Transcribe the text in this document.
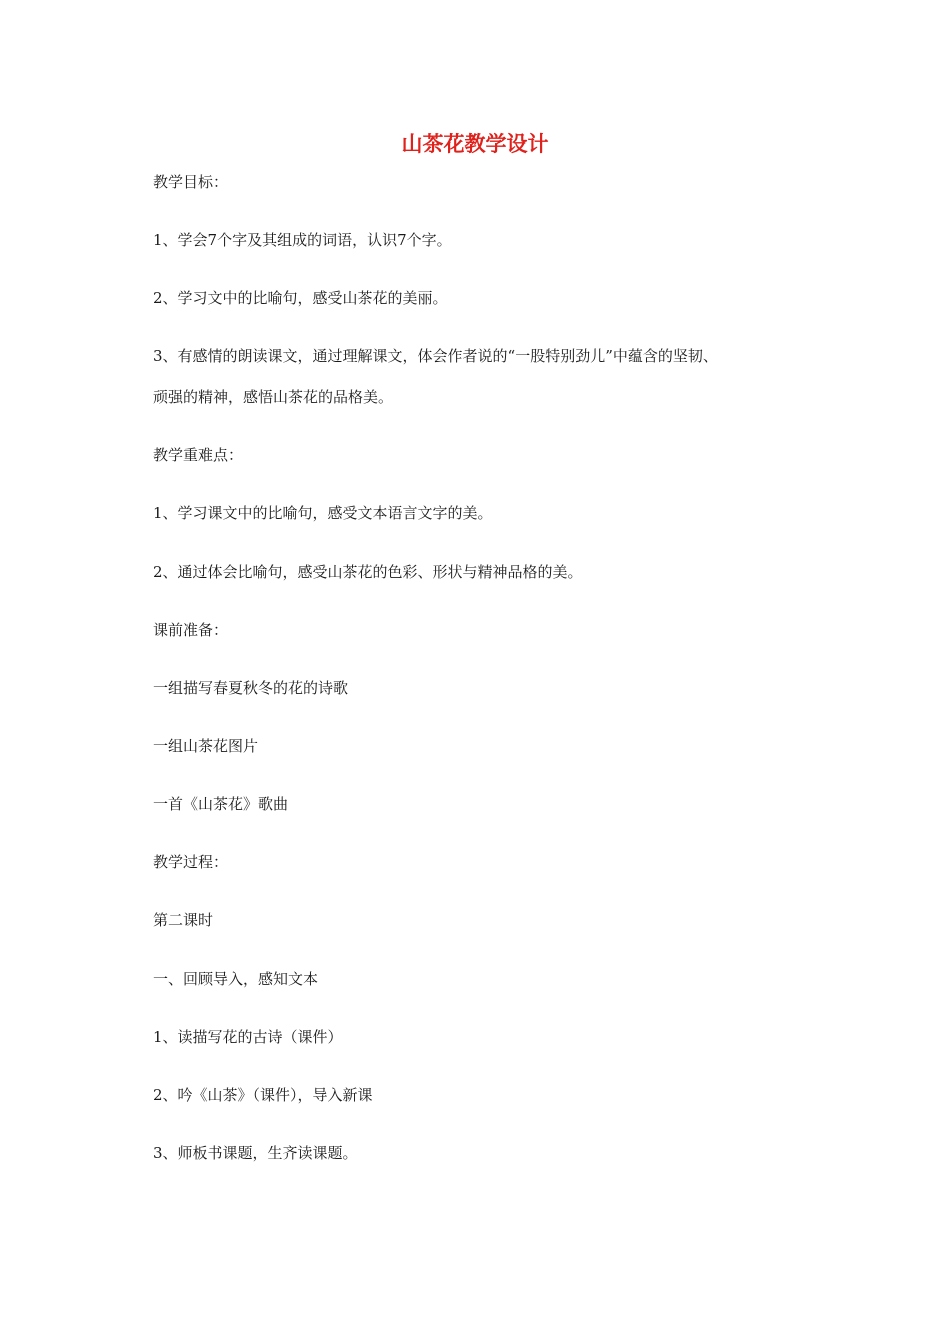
山茶花教学设计

教学目标：

1、学会7个字及其组成的词语，认识7个字。

2、学习文中的比喻句，感受山茶花的美丽。

3、有感情的朗读课文，通过理解课文，体会作者说的“一股特别劲儿”中蕴含的坚韧、

顽强的精神，感悟山茶花的品格美。

教学重难点：

1、学习课文中的比喻句，感受文本语言文字的美。

2、通过体会比喻句，感受山茶花的色彩、形状与精神品格的美。

课前准备：

一组描写春夏秋冬的花的诗歌

一组山茶花图片

一首《山茶花》歌曲

教学过程：

第二课时

一、回顾导入，感知文本

1、读描写花的古诗（课件）

2、吟《山茶》（课件），导入新课

3、师板书课题，生齐读课题。
